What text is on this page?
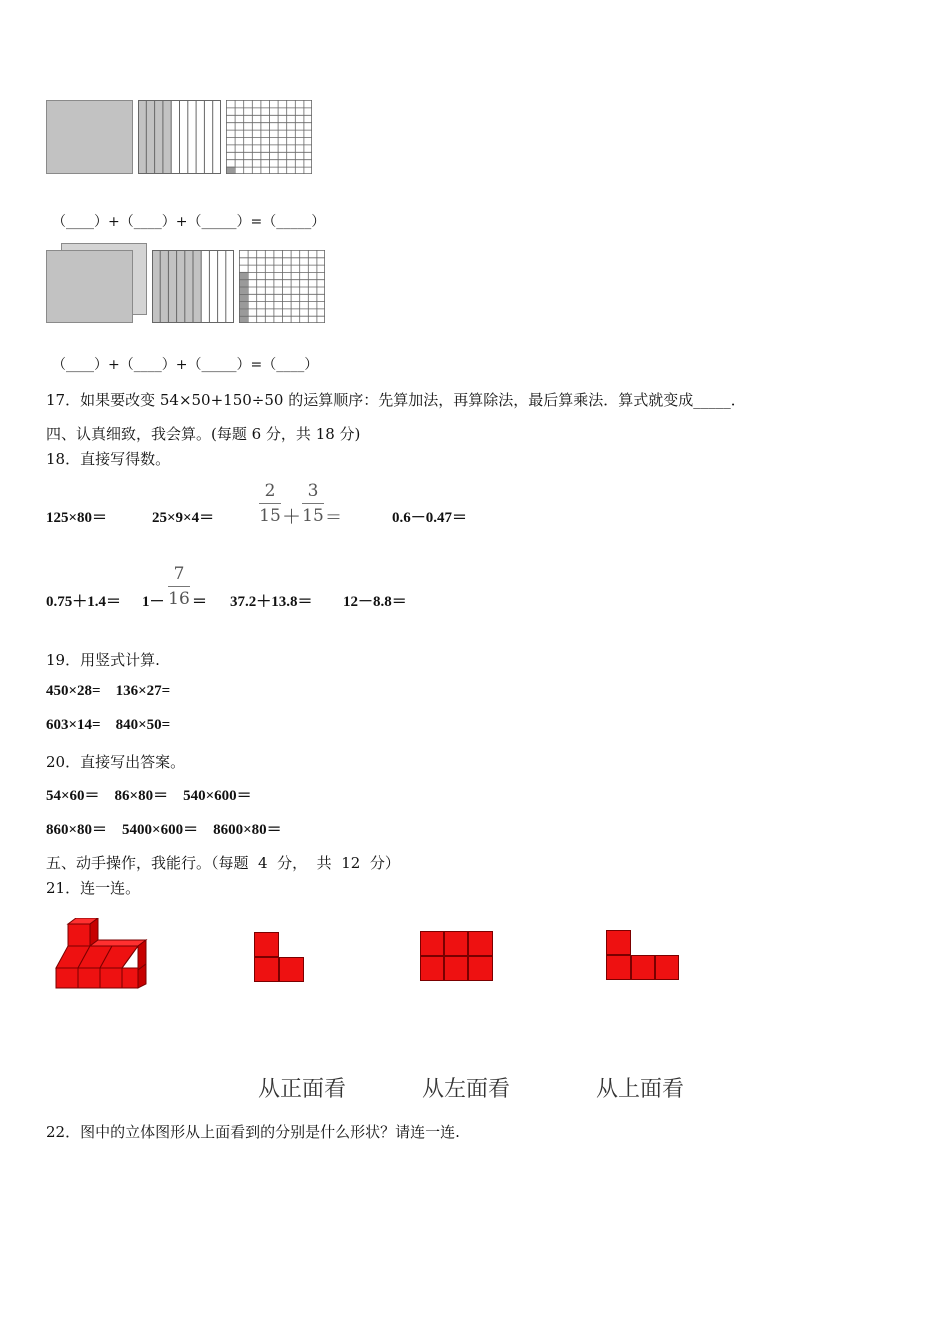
（____）+（____）+（_____）=（_____）
（____）+（____）+（_____）=（____）
17．如果要改变 54×50+150÷50 的运算顺序：先算加法，再算除法，最后算乘法．算式就变成_____．
四、认真细致，我会算。(每题 6 分，共 18 分)
18．直接写得数。
125×80＝	25×9×4＝
2
15 ＋
3
15 ＝	0.6－0.47＝
0.75＋1.4＝ 1－
7
16 ＝ 37.2＋13.8＝ 12－8.8＝
19．用竖式计算.
450×28=    136×27=
603×14=    840×50=
20．直接写出答案。
54×60＝    86×80＝    540×600＝
860×80＝    5400×600＝    8600×80＝
五、动手操作，我能行。（每题  4  分，  共  12  分）
21．连一连。
从正面看	从左面看	从上面看
22．图中的立体图形从上面看到的分别是什么形状？请连一连.
